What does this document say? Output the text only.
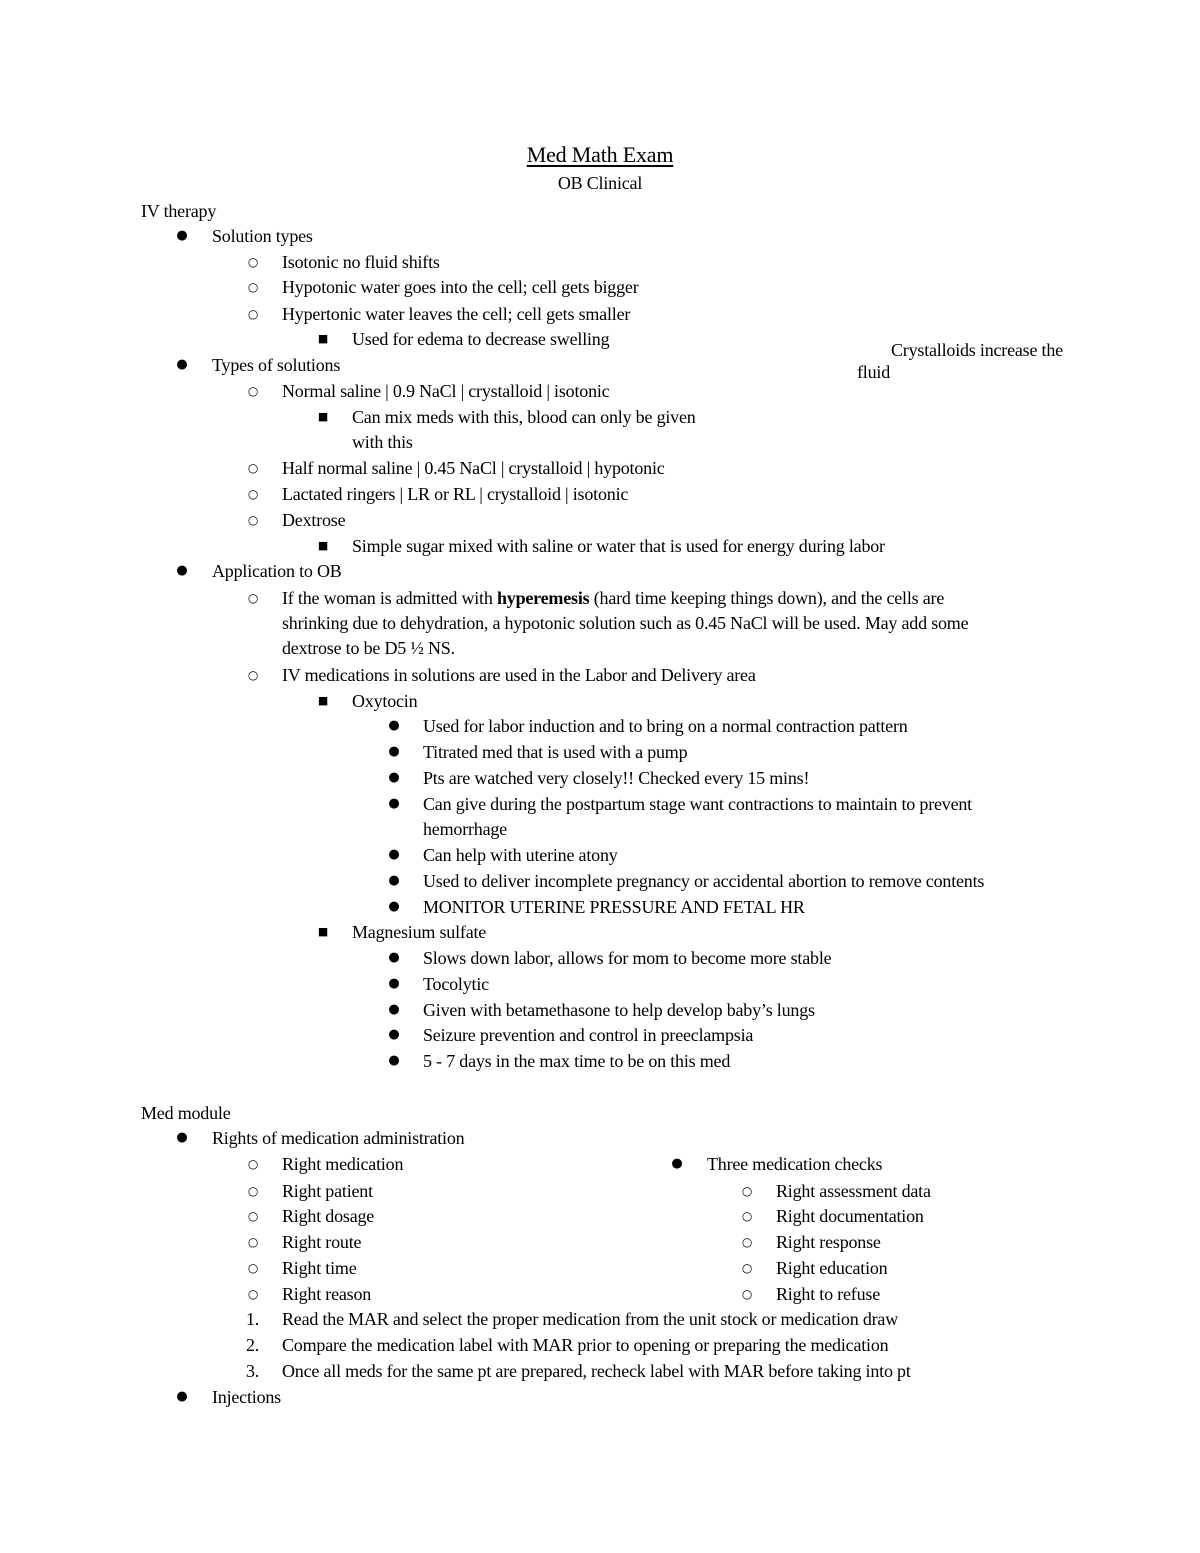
Med Math Exam
OB Clinical
IV therapy
● Solution types
○ Isotonic no fluid shifts
○ Hypotonic water goes into the cell; cell gets bigger
○ Hypertonic water leaves the cell; cell gets smaller
■ Used for edema to decrease swelling
Crystalloids increase the
fluid
● Types of solutions
○ Normal saline | 0.9 NaCl | crystalloid | isotonic
■ Can mix meds with this, blood can only be given
with this
○ Half normal saline | 0.45 NaCl | crystalloid | hypotonic
○ Lactated ringers | LR or RL | crystalloid | isotonic
○ Dextrose
■ Simple sugar mixed with saline or water that is used for energy during labor
● Application to OB
○ If the woman is admitted with hyperemesis (hard time keeping things down), and the cells are
shrinking due to dehydration, a hypotonic solution such as 0.45 NaCl will be used. May add some
dextrose to be D5 ½ NS.
○ IV medications in solutions are used in the Labor and Delivery area
■ Oxytocin
● Used for labor induction and to bring on a normal contraction pattern
● Titrated med that is used with a pump
● Pts are watched very closely!! Checked every 15 mins!
● Can give during the postpartum stage want contractions to maintain to prevent
hemorrhage
● Can help with uterine atony
● Used to deliver incomplete pregnancy or accidental abortion to remove contents
● MONITOR UTERINE PRESSURE AND FETAL HR
■ Magnesium sulfate
● Slows down labor, allows for mom to become more stable
● Tocolytic
● Given with betamethasone to help develop baby’s lungs
● Seizure prevention and control in preeclampsia
● 5 - 7 days in the max time to be on this med
Med module
● Rights of medication administration
○ Right medication
○ Right patient
○ Right dosage
○ Right route
○ Right time
○ Right reason
● Three medication checks
○ Right assessment data
○ Right documentation
○ Right response
○ Right education
○ Right to refuse
1.	Read the MAR and select the proper medication from the unit stock or medication draw
2.	Compare the medication label with MAR prior to opening or preparing the medication
3.	Once all meds for the same pt are prepared, recheck label with MAR before taking into pt
● Injections
